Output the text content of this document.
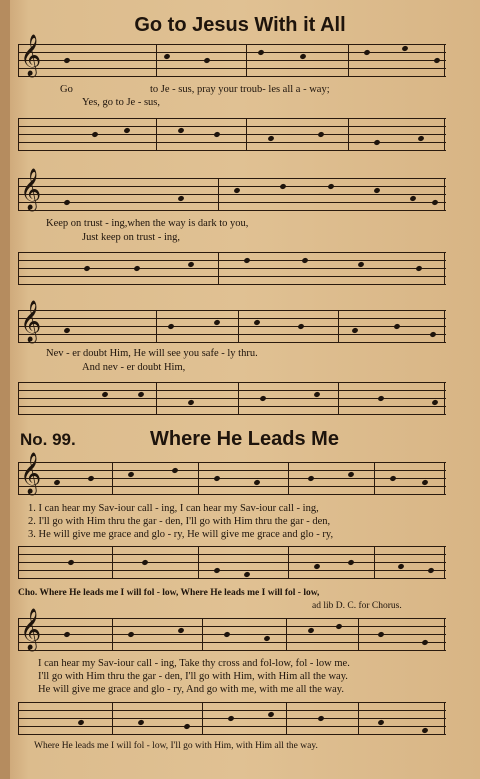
Go to Jesus With it All
𝄞
Go	to Je - sus, pray your troub- les all a - way;
Yes, go to Je - sus,
𝄞
Keep on trust - ing,when the way is dark to you,
Just keep on trust - ing,
𝄞
Nev - er doubt Him, He will see you safe - ly thru.
And nev - er doubt Him,
No. 99.	Where He Leads Me
𝄞
1. I can hear my Sav-iour call - ing, I can hear my Sav-iour call - ing,
2. I'll go with Him thru the gar - den, I'll go with Him thru the gar - den,
3. He will give me grace and glo - ry, He will give me grace and glo - ry,
Cho. Where He leads me I will fol - low, Where He leads me I will fol - low,
ad lib D. C. for Chorus.
𝄞
I can hear my Sav-iour call - ing, Take thy cross and fol-low, fol - low me.
I'll go with Him thru the gar - den, I'll go with Him, with Him all the way.
He will give me grace and glo - ry, And go with me, with me all the way.
Where He leads me I will fol - low, I'll go with Him, with Him all the way.
